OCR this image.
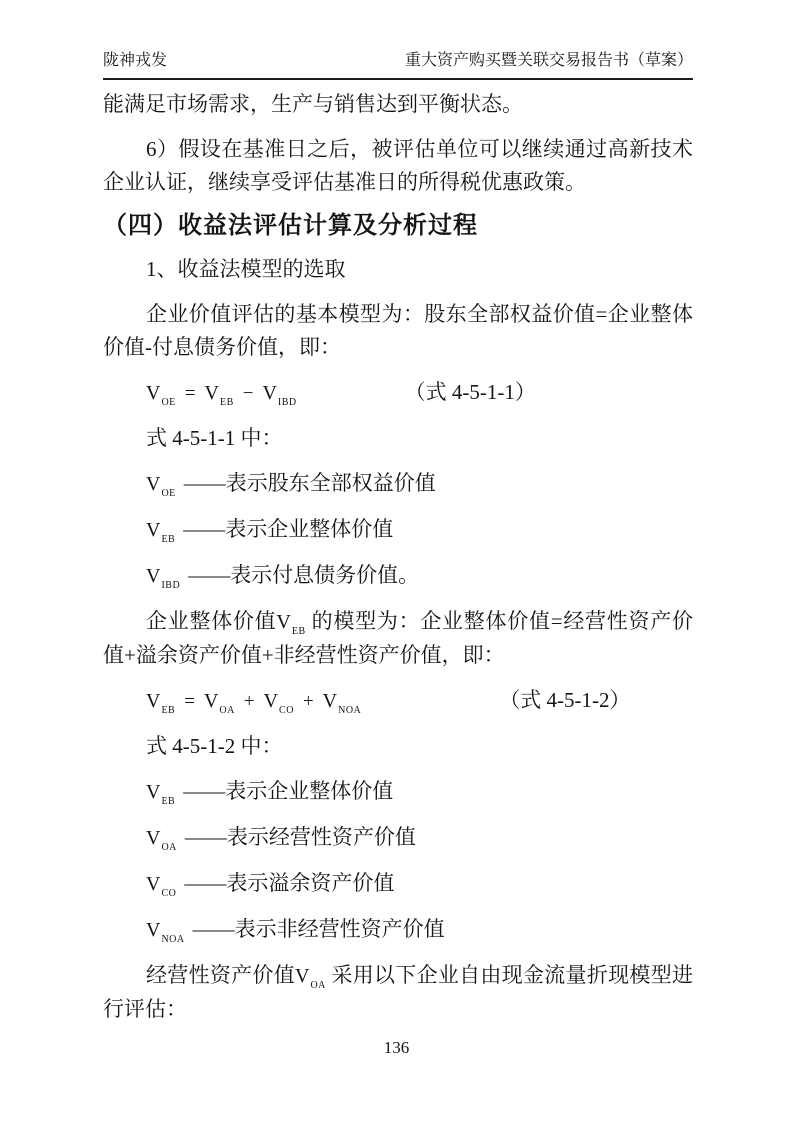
陇神戎发	重大资产购买暨关联交易报告书（草案）

能满足市场需求，生产与销售达到平衡状态。

6）假设在基准日之后，被评估单位可以继续通过高新技术企业认证，继续享受评估基准日的所得税优惠政策。

（四）收益法评估计算及分析过程

1、收益法模型的选取

企业价值评估的基本模型为：股东全部权益价值=企业整体价值-付息债务价值，即：

$V_{OE} = V_{EB} - V_{IBD}$	（式 4-5-1-1）

式 4-5-1-1 中：

$V_{OE}$ ——表示股东全部权益价值

$V_{EB}$ ——表示企业整体价值

$V_{IBD}$ ——表示付息债务价值。

企业整体价值$V_{EB}$ 的模型为：企业整体价值=经营性资产价值+溢余资产价值+非经营性资产价值，即：

$V_{EB} = V_{OA} + V_{CO} + V_{NOA}$	（式 4-5-1-2）

式 4-5-1-2 中：

$V_{EB}$ ——表示企业整体价值

$V_{OA}$ ——表示经营性资产价值

$V_{CO}$ ——表示溢余资产价值

$V_{NOA}$ ——表示非经营性资产价值

经营性资产价值$V_{OA}$ 采用以下企业自由现金流量折现模型进行评估：

136
